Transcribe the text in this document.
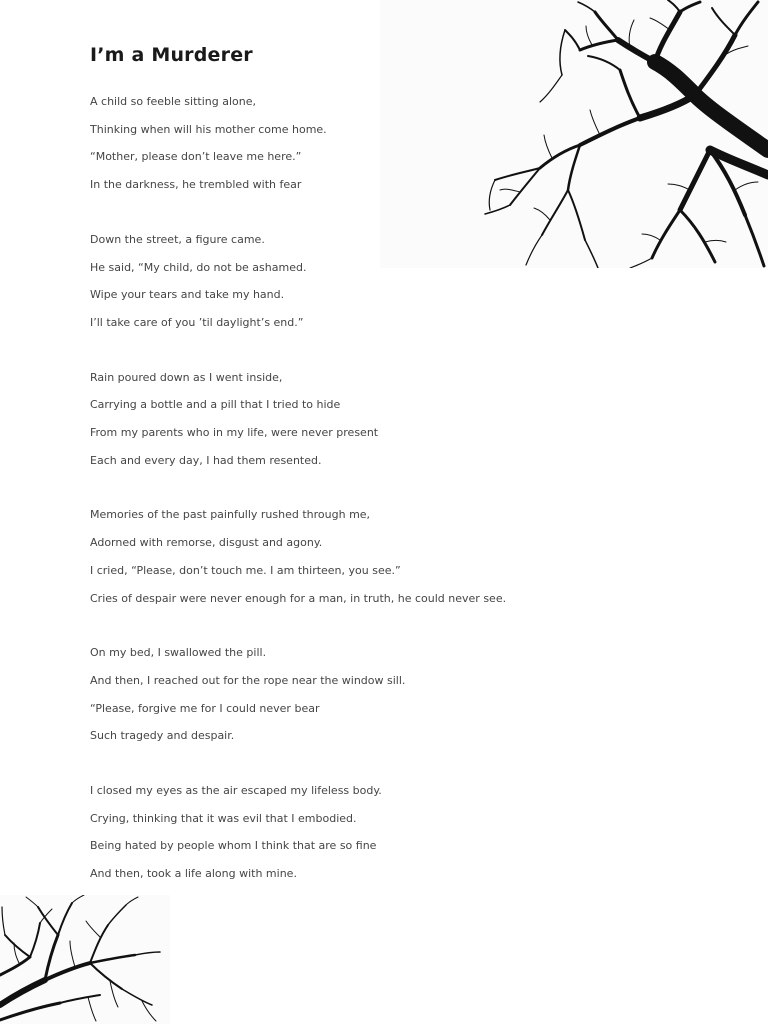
I’m a Murderer
A child so feeble sitting alone,
Thinking when will his mother come home.
“Mother, please don’t leave me here.”
In the darkness, he trembled with fear
Down the street, a figure came.
He said, “My child, do not be ashamed.
Wipe your tears and take my hand.
I’ll take care of you ’til daylight’s end.”
Rain poured down as I went inside,
Carrying a bottle and a pill that I tried to hide
From my parents who in my life, were never present
Each and every day, I had them resented.
Memories of the past painfully rushed through me,
Adorned with remorse, disgust and agony.
I cried, “Please, don’t touch me. I am thirteen, you see.”
Cries of despair were never enough for a man, in truth, he could never see.
On my bed, I swallowed the pill.
And then, I reached out for the rope near the window sill.
“Please, forgive me for I could never bear
Such tragedy and despair.
I closed my eyes as the air escaped my lifeless body.
Crying, thinking that it was evil that I embodied.
Being hated by people whom I think that are so fine
And then, took a life along with mine.
